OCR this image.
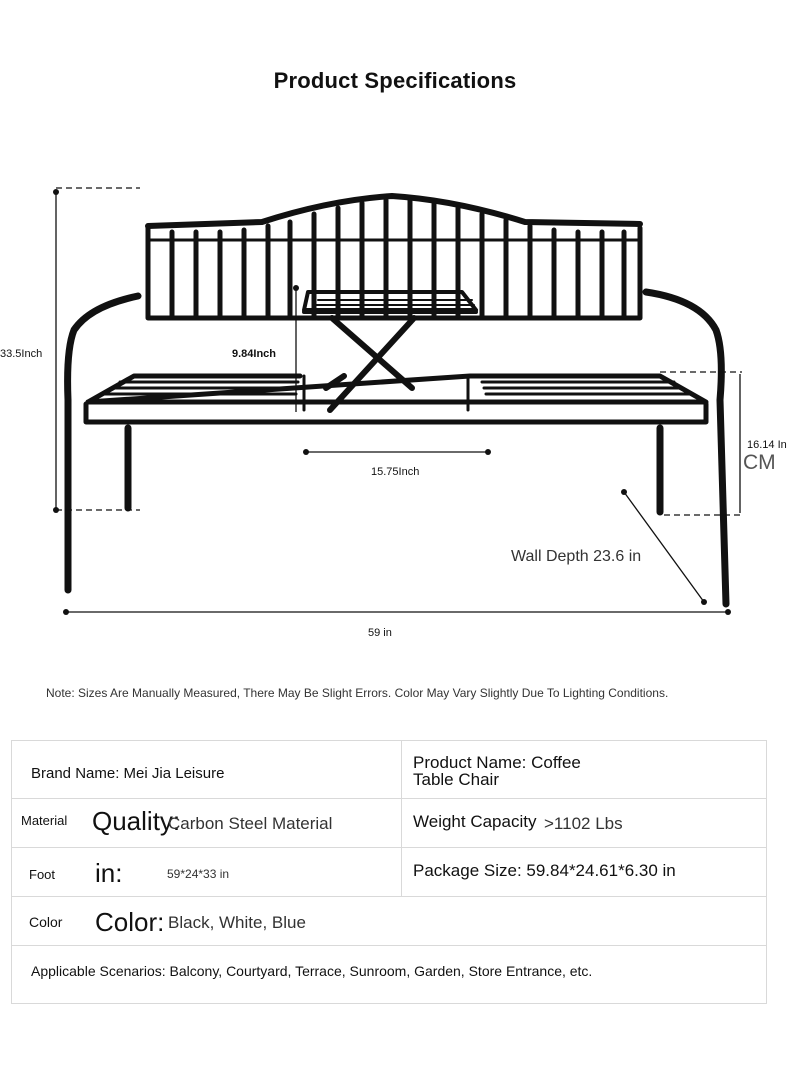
Product Specifications
33.5Inch	9.84Inch
15.75Inch
16.14 In
CM
Wall Depth 23.6 in
59 in
Note: Sizes Are Manually Measured, There May Be Slight Errors. Color May Vary Slightly Due To Lighting Conditions.
Brand Name: Mei Jia Leisure
Product Name: Coffee
Table Chair
Material Quality:
Carbon Steel Material	Weight Capacity >1102 Lbs
Foot in:	59*24*33 in	Package Size: 59.84*24.61*6.30 in
Color Color: Black, White, Blue
Applicable Scenarios: Balcony, Courtyard, Terrace, Sunroom, Garden, Store Entrance, etc.
